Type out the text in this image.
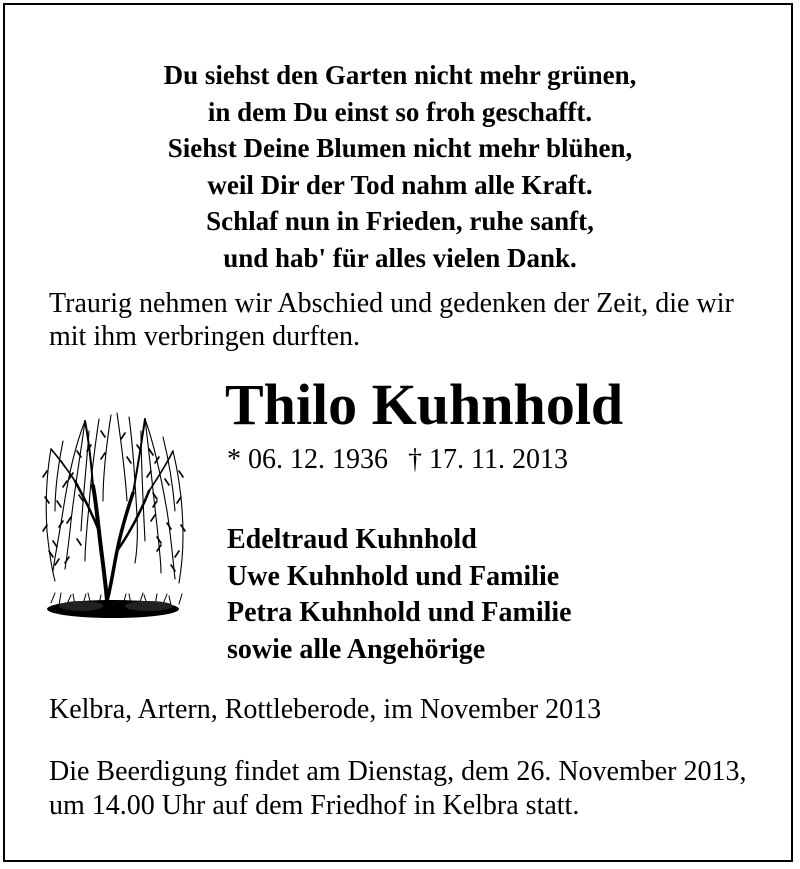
Du siehst den Garten nicht mehr grünen,
in dem Du einst so froh geschafft.
Siehst Deine Blumen nicht mehr blühen,
weil Dir der Tod nahm alle Kraft.
Schlaf nun in Frieden, ruhe sanft,
und hab' für alles vielen Dank.
Traurig nehmen wir Abschied und gedenken der Zeit, die wir mit ihm verbringen durften.
Thilo Kuhnhold
* 06. 12. 1936 † 17. 11. 2013
Edeltraud Kuhnhold
Uwe Kuhnhold und Familie
Petra Kuhnhold und Familie
sowie alle Angehörige
Kelbra, Artern, Rottleberode, im November 2013
Die Beerdigung findet am Dienstag, dem 26. November 2013, um 14.00 Uhr auf dem Friedhof in Kelbra statt.
